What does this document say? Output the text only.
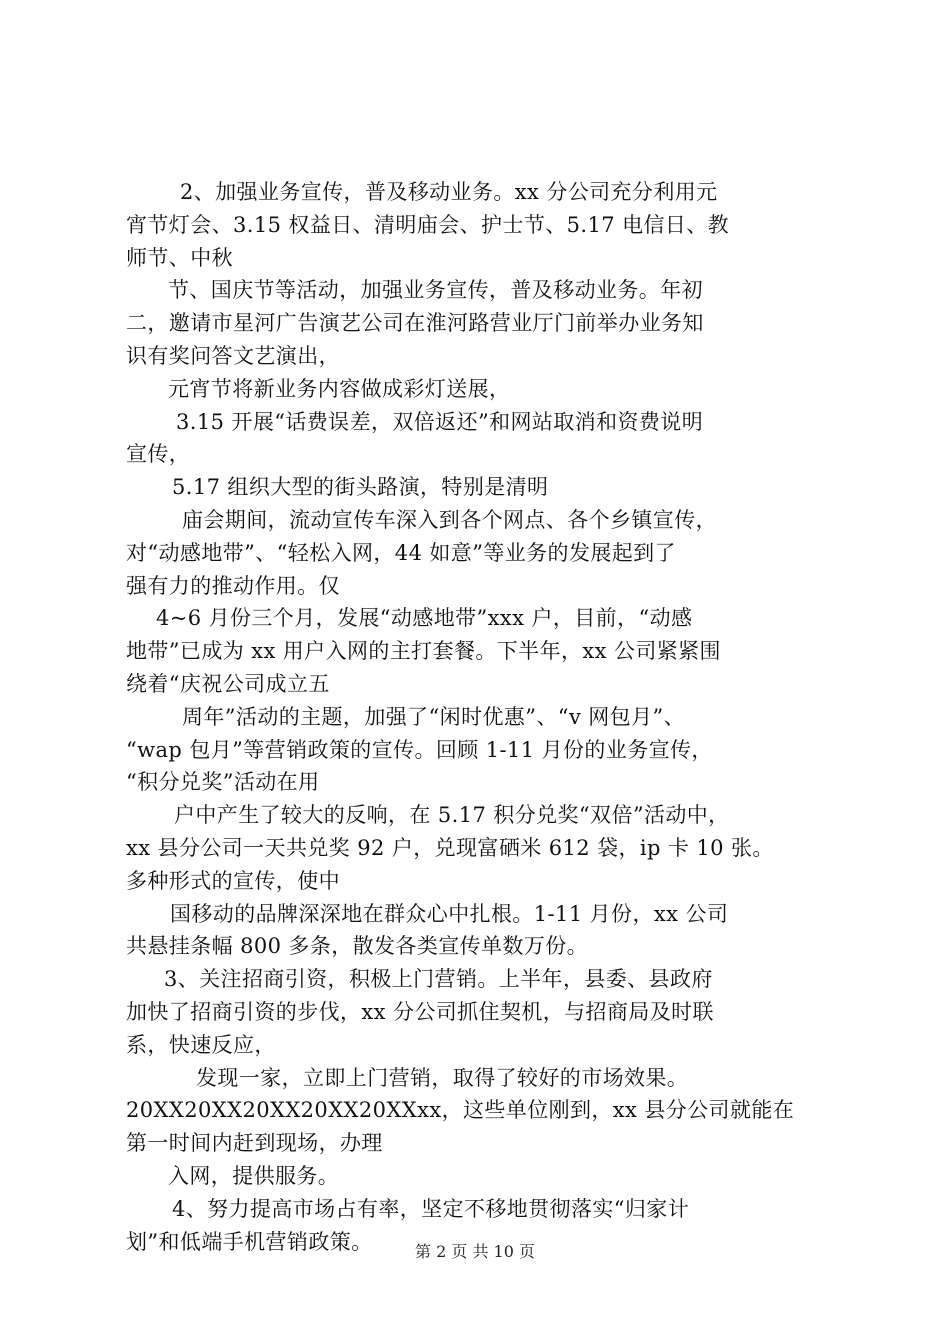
2、加强业务宣传，普及移动业务。xx 分公司充分利用元
宵节灯会、3.15 权益日、清明庙会、护士节、5.17 电信日、教
师节、中秋
节、国庆节等活动，加强业务宣传，普及移动业务。年初
二，邀请市星河广告演艺公司在淮河路营业厅门前举办业务知
识有奖问答文艺演出，
元宵节将新业务内容做成彩灯送展，
3.15 开展“话费误差，双倍返还”和网站取消和资费说明
宣传，
5.17 组织大型的街头路演，特别是清明
庙会期间，流动宣传车深入到各个网点、各个乡镇宣传，
对“动感地带”、“轻松入网，44 如意”等业务的发展起到了
强有力的推动作用。仅
4~6 月份三个月，发展“动感地带”xxx 户，目前，“动感
地带”已成为 xx 用户入网的主打套餐。下半年，xx 公司紧紧围
绕着“庆祝公司成立五
周年”活动的主题，加强了“闲时优惠”、“v 网包月”、
“wap 包月”等营销政策的宣传。回顾 1-11 月份的业务宣传，
“积分兑奖”活动在用
户中产生了较大的反响，在 5.17 积分兑奖“双倍”活动中，
xx 县分公司一天共兑奖 92 户，兑现富硒米 612 袋，ip 卡 10 张。
多种形式的宣传，使中
国移动的品牌深深地在群众心中扎根。1-11 月份，xx 公司
共悬挂条幅 800 多条，散发各类宣传单数万份。
3、关注招商引资，积极上门营销。上半年，县委、县政府
加快了招商引资的步伐，xx 分公司抓住契机，与招商局及时联
系，快速反应，
发现一家，立即上门营销，取得了较好的市场效果。
20XX20XX20XX20XX20XXxx，这些单位刚到，xx 县分公司就能在
第一时间内赶到现场，办理
入网，提供服务。
4、努力提高市场占有率，坚定不移地贯彻落实“归家计
划”和低端手机营销政策。	第 2 页 共 10 页
